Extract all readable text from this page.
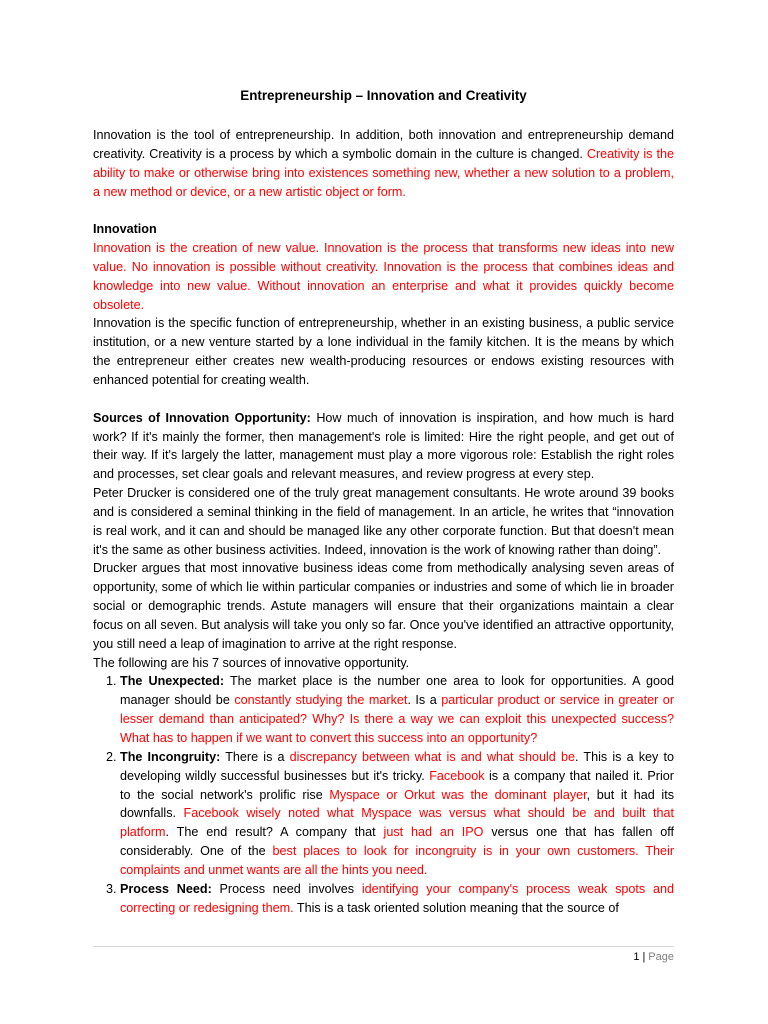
Entrepreneurship – Innovation and Creativity

Innovation is the tool of entrepreneurship. In addition, both innovation and entrepreneurship demand creativity. Creativity is a process by which a symbolic domain in the culture is changed. Creativity is the ability to make or otherwise bring into existences something new, whether a new solution to a problem, a new method or device, or a new artistic object or form.

Innovation

Innovation is the creation of new value. Innovation is the process that transforms new ideas into new value. No innovation is possible without creativity. Innovation is the process that combines ideas and knowledge into new value. Without innovation an enterprise and what it provides quickly become obsolete.

Innovation is the specific function of entrepreneurship, whether in an existing business, a public service institution, or a new venture started by a lone individual in the family kitchen. It is the means by which the entrepreneur either creates new wealth-producing resources or endows existing resources with enhanced potential for creating wealth.

Sources of Innovation Opportunity: How much of innovation is inspiration, and how much is hard work? If it's mainly the former, then management's role is limited: Hire the right people, and get out of their way. If it's largely the latter, management must play a more vigorous role: Establish the right roles and processes, set clear goals and relevant measures, and review progress at every step.

Peter Drucker is considered one of the truly great management consultants. He wrote around 39 books and is considered a seminal thinking in the field of management. In an article, he writes that “innovation is real work, and it can and should be managed like any other corporate function. But that doesn't mean it's the same as other business activities. Indeed, innovation is the work of knowing rather than doing”.

Drucker argues that most innovative business ideas come from methodically analysing seven areas of opportunity, some of which lie within particular companies or industries and some of which lie in broader social or demographic trends. Astute managers will ensure that their organizations maintain a clear focus on all seven. But analysis will take you only so far. Once you've identified an attractive opportunity, you still need a leap of imagination to arrive at the right response.

The following are his 7 sources of innovative opportunity.

1. The Unexpected: The market place is the number one area to look for opportunities. A good manager should be constantly studying the market. Is a particular product or service in greater or lesser demand than anticipated? Why? Is there a way we can exploit this unexpected success? What has to happen if we want to convert this success into an opportunity?
2. The Incongruity: There is a discrepancy between what is and what should be. This is a key to developing wildly successful businesses but it's tricky. Facebook is a company that nailed it. Prior to the social network's prolific rise Myspace or Orkut was the dominant player, but it had its downfalls. Facebook wisely noted what Myspace was versus what should be and built that platform. The end result? A company that just had an IPO versus one that has fallen off considerably. One of the best places to look for incongruity is in your own customers. Their complaints and unmet wants are all the hints you need.
3. Process Need: Process need involves identifying your company's process weak spots and correcting or redesigning them. This is a task oriented solution meaning that the source of
1 | Page
